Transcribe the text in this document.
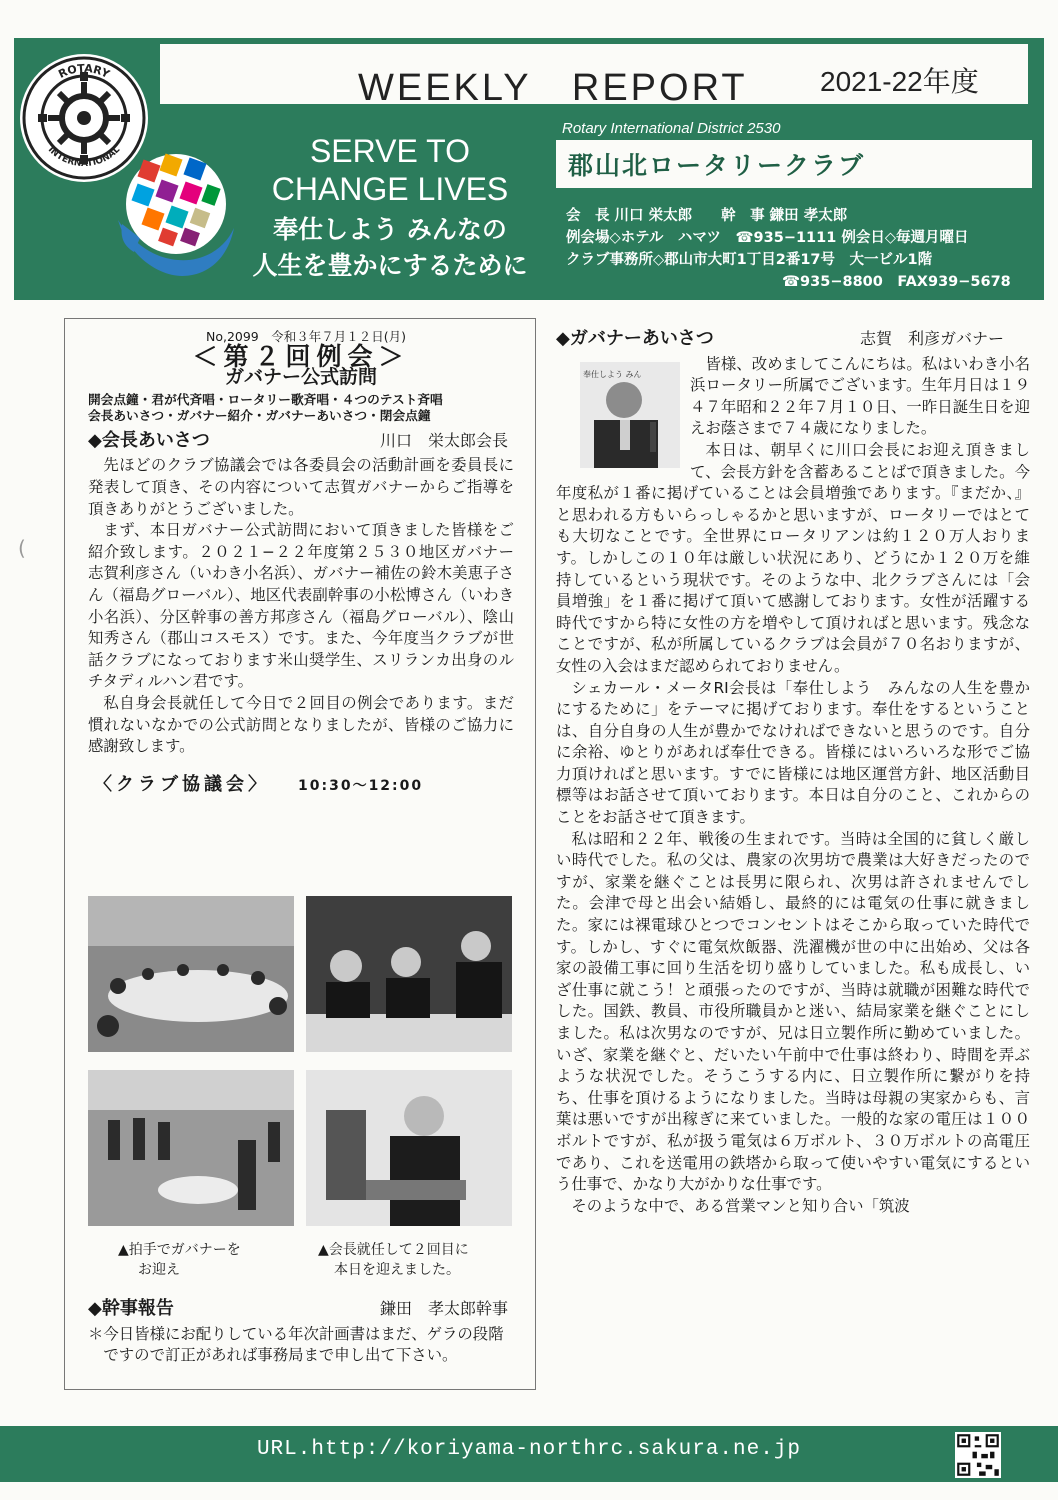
WEEKLY　REPORT	2021-22年度
ROTARY
INTERNATIONAL	SERVE TO
CHANGE LIVES
奉仕しよう みんなの
人生を豊かにするために
Rotary International District 2530
郡山北ロータリークラブ
会　長 川口 栄太郎　　幹　事 鎌田 孝太郎
例会場◇ホテル　ハマツ　☎935−1111 例会日◇毎週月曜日
クラブ事務所◇郡山市大町1丁目2番17号　大一ビル1階
☎935−8800　FAX939−5678
(
No,2099　令和３年７月１２日(月)
＜第２回例会＞
ガバナー公式訪問
開会点鐘・君が代斉唱・ロータリー歌斉唱・４つのテスト斉唱
会長あいさつ・ガバナー紹介・ガバナーあいさつ・閉会点鐘
◆会長あいさつ	川口　栄太郎会長

先ほどのクラブ協議会では各委員会の活動計画を委員長に発表して頂き、その内容について志賀ガバナーからご指導を頂きありがとうございました。

まず、本日ガバナー公式訪問において頂きました皆様をご紹介致します。２０２１−２２年度第２５３０地区ガバナー志賀利彦さん（いわき小名浜）、ガバナー補佐の鈴木美恵子さん（福島グローバル）、地区代表副幹事の小松博さん（いわき小名浜）、分区幹事の善方邦彦さん（福島グローバル）、陰山知秀さん（郡山コスモス）です。また、今年度当クラブが世話クラブになっております米山奨学生、スリランカ出身のルチタディルハン君です。

私自身会長就任して今日で２回目の例会であります。まだ慣れないなかでの公式訪問となりましたが、皆様のご協力に感謝致します。

〈クラブ協議会〉 10:30〜12:00
▲拍手でガバナーを
お迎え
▲会長就任して２回目に
本日を迎えました。
◆幹事報告	鎌田　孝太郎幹事
＊今日皆様にお配りしている年次計画書はまだ、ゲラの段階ですので訂正があれば事務局まで申し出て下さい。
◆ガバナーあいさつ	志賀　利彦ガバナー
奉仕しよう みん

皆様、改めましてこんにちは。私はいわき小名浜ロータリー所属でございます。生年月日は１９４７年昭和２２年７月１０日、一昨日誕生日を迎えお蔭さまで７４歳になりました。

本日は、朝早くに川口会長にお迎え頂きまして、会長方針を含蓄あることばで頂きました。今年度私が１番に掲げていることは会員増強であります。『まだか、』と思われる方もいらっしゃるかと思いますが、ロータリーではとても大切なことです。全世界にロータリアンは約１２０万人おります。しかしこの１０年は厳しい状況にあり、どうにか１２０万を維持しているという現状です。そのような中、北クラブさんには「会員増強」を１番に掲げて頂いて感謝しております。女性が活躍する時代ですから特に女性の方を増やして頂ければと思います。残念なことですが、私が所属しているクラブは会員が７０名おりますが、女性の入会はまだ認められておりません。

シェカール・メータRI会長は「奉仕しよう　みんなの人生を豊かにするために」をテーマに掲げております。奉仕をするということは、自分自身の人生が豊かでなければできないと思うのです。自分に余裕、ゆとりがあれば奉仕できる。皆様にはいろいろな形でご協力頂ければと思います。すでに皆様には地区運営方針、地区活動目標等はお話させて頂いております。本日は自分のこと、これからのことをお話させて頂きます。

私は昭和２２年、戦後の生まれです。当時は全国的に貧しく厳しい時代でした。私の父は、農家の次男坊で農業は大好きだったのですが、家業を継ぐことは長男に限られ、次男は許されませんでした。会津で母と出会い結婚し、最終的には電気の仕事に就きました。家には裸電球ひとつでコンセントはそこから取っていた時代です。しかし、すぐに電気炊飯器、洗濯機が世の中に出始め、父は各家の設備工事に回り生活を切り盛りしていました。私も成長し、いざ仕事に就こう！と頑張ったのですが、当時は就職が困難な時代でした。国鉄、教員、市役所職員かと迷い、結局家業を継ぐことにしました。私は次男なのですが、兄は日立製作所に勤めていました。いざ、家業を継ぐと、だいたい午前中で仕事は終わり、時間を弄ぶような状況でした。そうこうする内に、日立製作所に繋がりを持ち、仕事を頂けるようになりました。当時は母親の実家からも、言葉は悪いですが出稼ぎに来ていました。一般的な家の電圧は１００ボルトですが、私が扱う電気は６万ボルト、３０万ボルトの高電圧であり、これを送電用の鉄塔から取って使いやすい電気にするという仕事で、かなり大がかりな仕事です。

そのような中で、ある営業マンと知り合い「筑波

URL.http://koriyama-northrc.sakura.ne.jp
